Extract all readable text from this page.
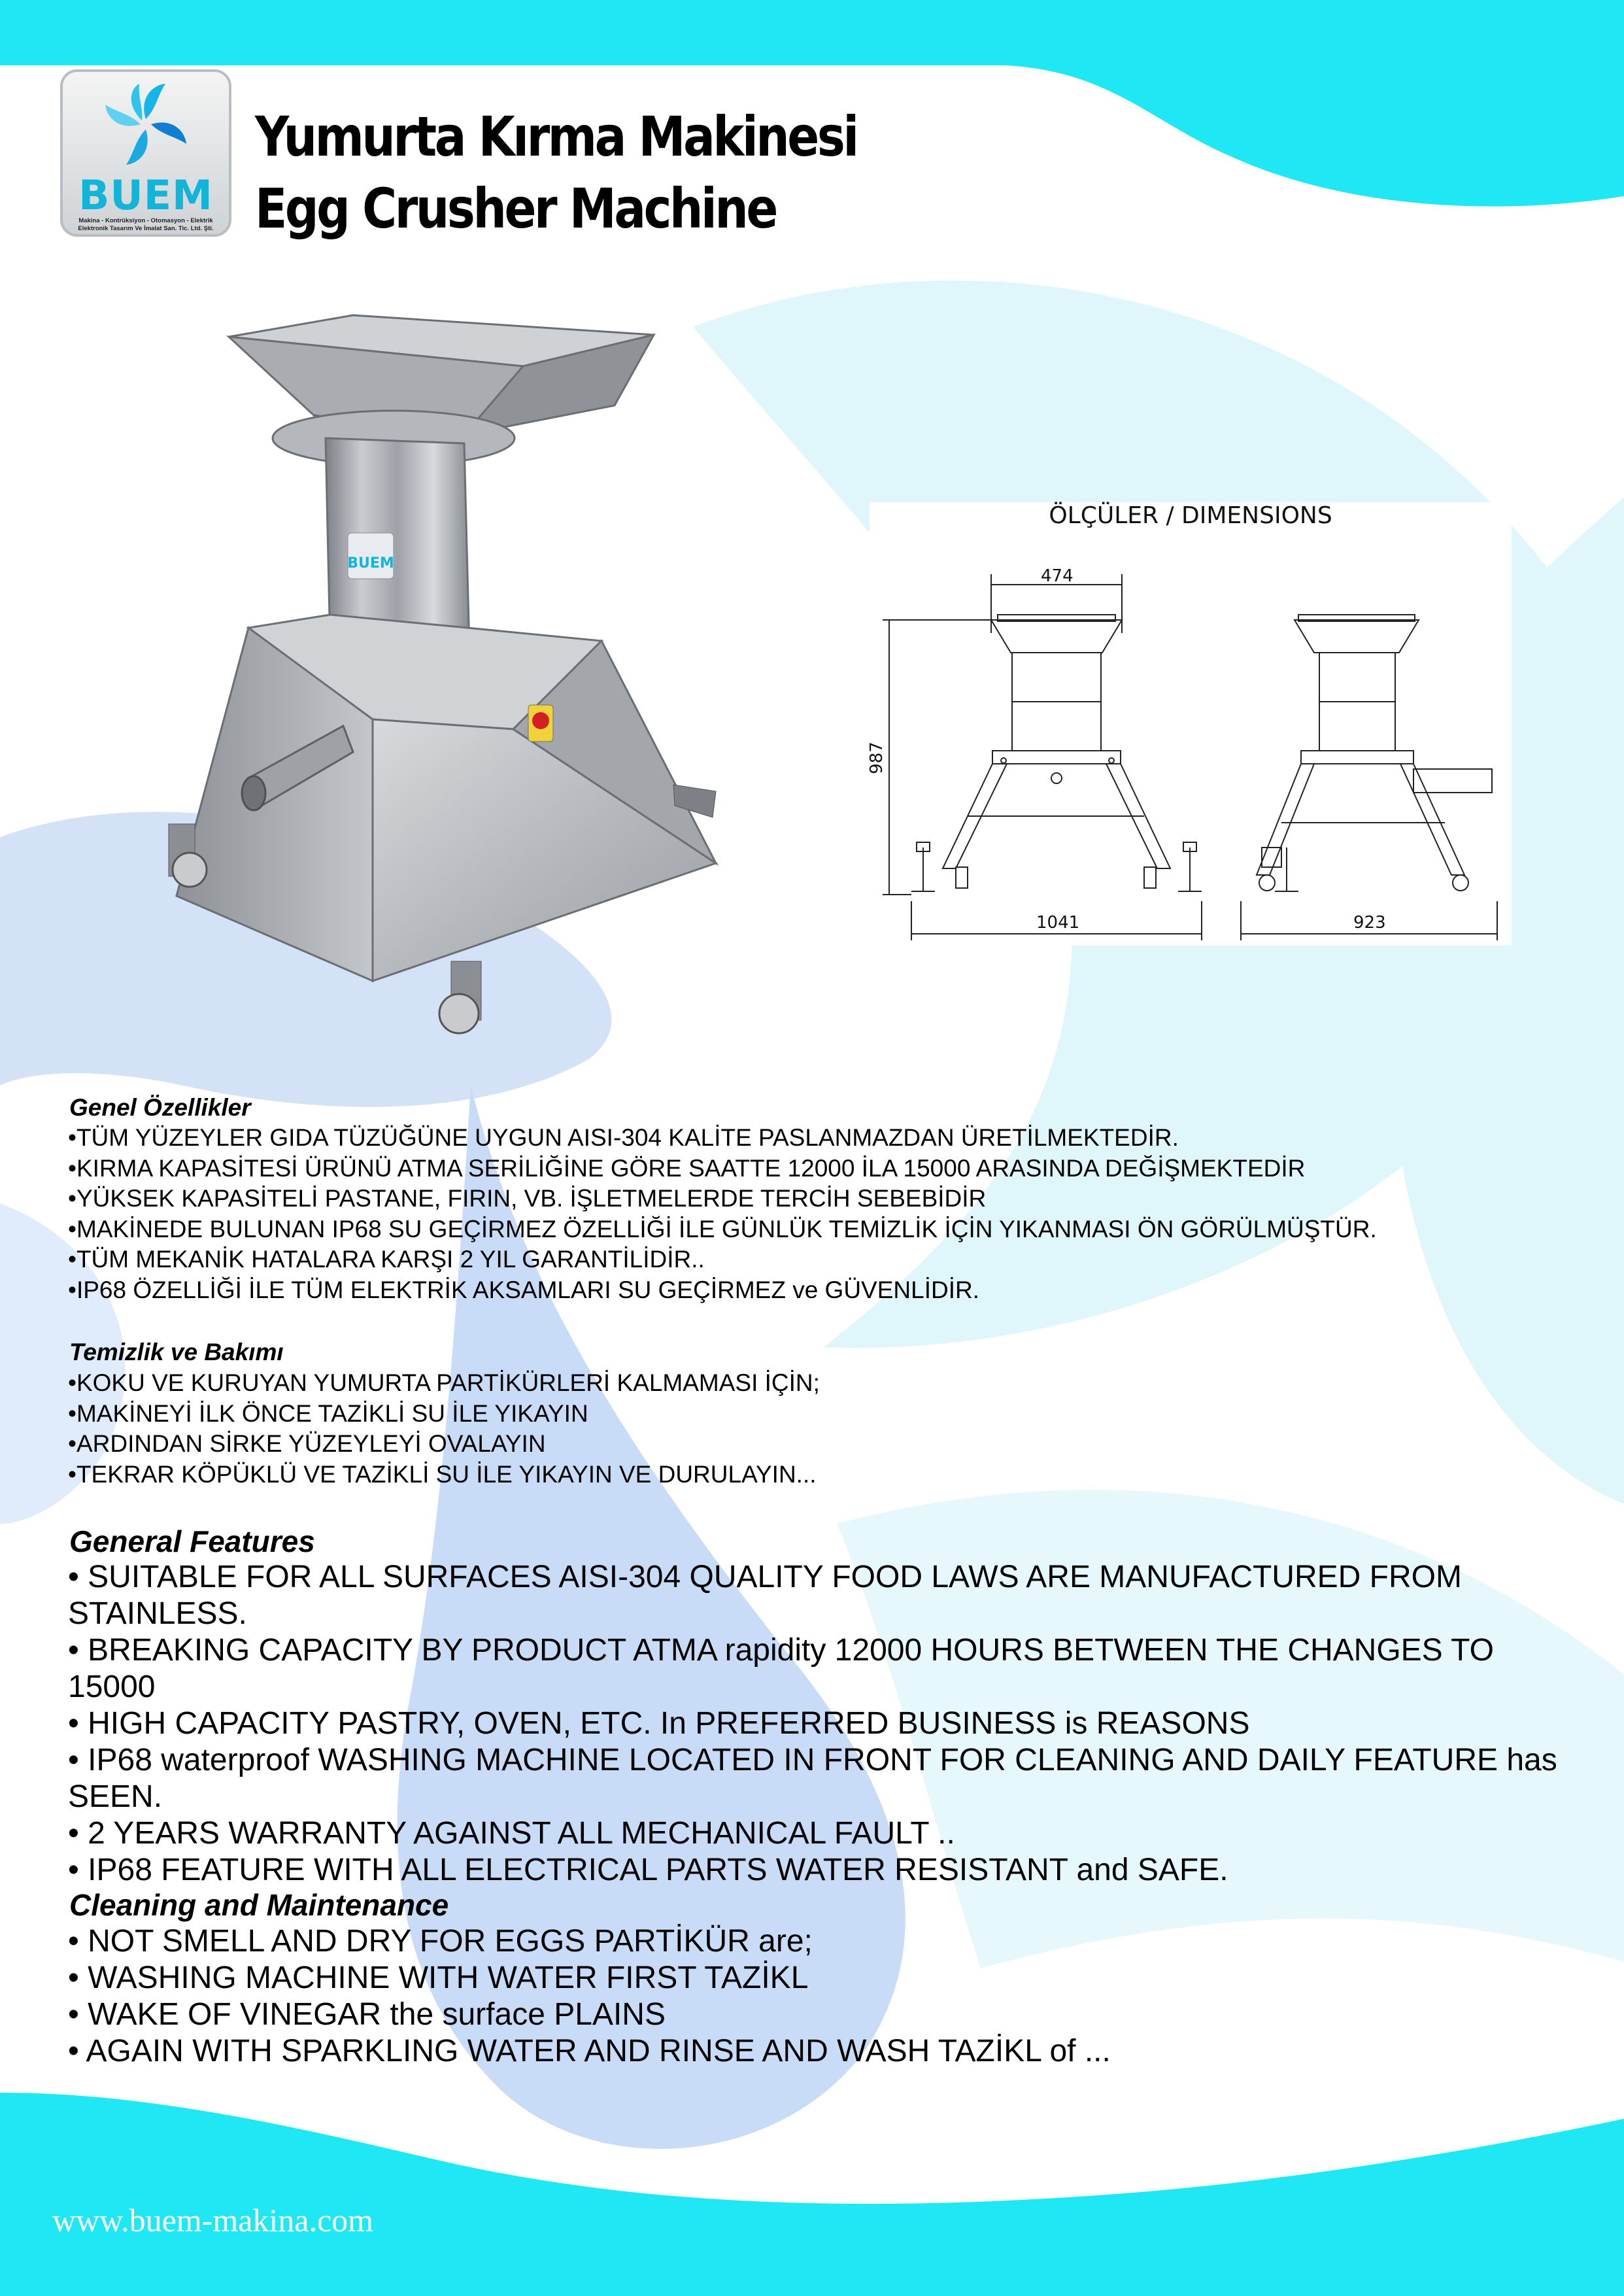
BUEM
Makina - Kontrüksiyon - Otomasyon - Elektrik
Elektronik Tasarım Ve İmalat San. Tic. Ltd. Şti.
Yumurta Kırma Makinesi
Egg Crusher Machine
BUEM
ÖLÇÜLER / DIMENSIONS
474
987
1041	923
Genel Özellikler
•TÜM YÜZEYLER GIDA TÜZÜĞÜNE UYGUN AISI-304 KALİTE PASLANMAZDAN ÜRETİLMEKTEDİR.
•KIRMA KAPASİTESİ ÜRÜNÜ ATMA SERİLİĞİNE GÖRE SAATTE 12000 İLA 15000 ARASINDA DEĞİŞMEKTEDİR
•YÜKSEK KAPASİTELİ PASTANE, FIRIN, VB. İŞLETMELERDE TERCİH SEBEBİDİR
•MAKİNEDE BULUNAN IP68 SU GEÇİRMEZ ÖZELLİĞİ İLE GÜNLÜK TEMİZLİK İÇİN YIKANMASI ÖN GÖRÜLMÜŞTÜR.
•TÜM MEKANİK HATALARA KARŞI 2 YIL GARANTİLİDİR..
•IP68 ÖZELLİĞİ İLE TÜM ELEKTRİK AKSAMLARI SU GEÇİRMEZ ve GÜVENLİDİR.
Temizlik ve Bakımı
•KOKU VE KURUYAN YUMURTA PARTİKÜRLERİ KALMAMASI İÇİN;
•MAKİNEYİ İLK ÖNCE TAZİKLİ SU İLE YIKAYIN
•ARDINDAN SİRKE YÜZEYLEYİ OVALAYIN
•TEKRAR KÖPÜKLÜ VE TAZİKLİ SU İLE YIKAYIN VE DURULAYIN...
General Features
• SUITABLE FOR ALL SURFACES AISI-304 QUALITY FOOD LAWS ARE MANUFACTURED FROM STAINLESS.
• BREAKING CAPACITY BY PRODUCT ATMA rapidity 12000 HOURS BETWEEN THE CHANGES TO 15000
• HIGH CAPACITY PASTRY, OVEN, ETC. In PREFERRED BUSINESS is REASONS
• IP68 waterproof WASHING MACHINE LOCATED IN FRONT FOR CLEANING AND DAILY FEATURE has SEEN.
• 2 YEARS WARRANTY AGAINST ALL MECHANICAL FAULT ..
• IP68 FEATURE WITH ALL ELECTRICAL PARTS WATER RESISTANT and SAFE.
Cleaning and Maintenance
• NOT SMELL AND DRY FOR EGGS PARTİKÜR are;
• WASHING MACHINE WITH WATER FIRST TAZİKL
• WAKE OF VINEGAR the surface PLAINS
• AGAIN WITH SPARKLING WATER AND RINSE AND WASH TAZİKL of ...
www.buem-makina.com
